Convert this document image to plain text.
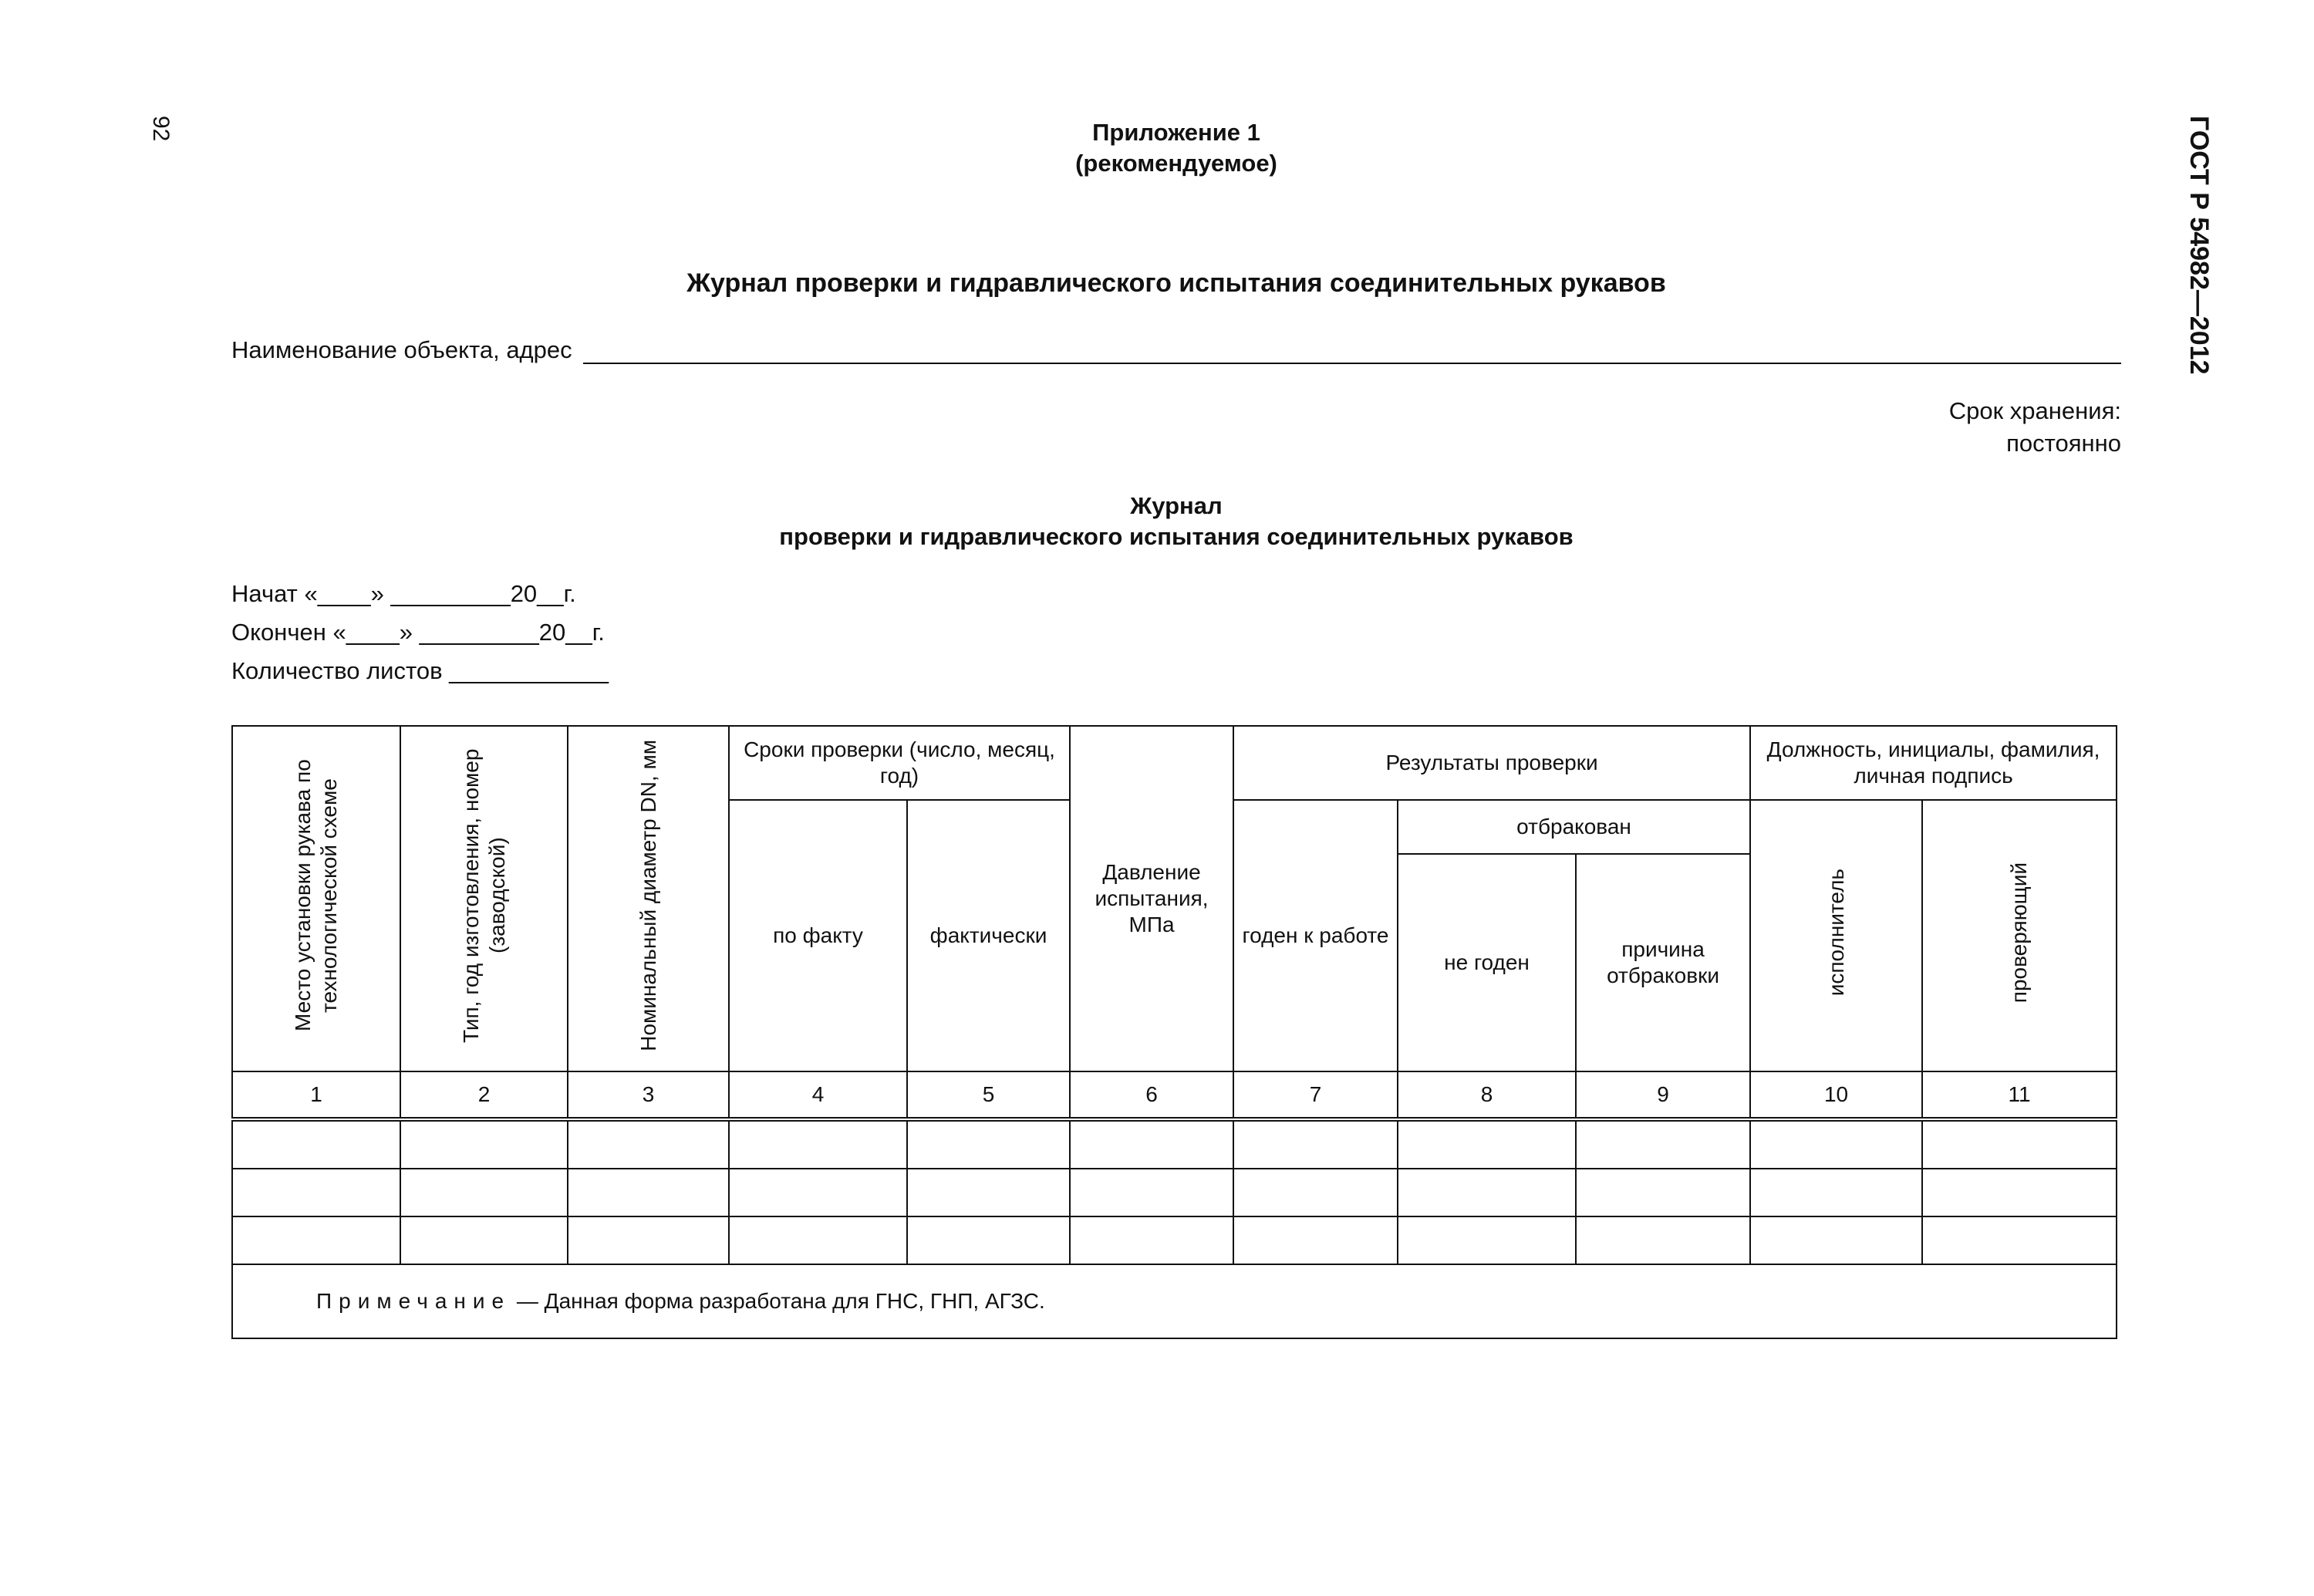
92	ГОСТ Р 54982—2012
Приложение 1
(рекомендуемое)
Журнал проверки и гидравлического испытания соединительных рукавов
Наименование объекта, адрес
Срок хранения:
постоянно
Журнал
проверки и гидравлического испытания соединительных рукавов
Начат «____» _________20__г.
Окончен «____» _________20__г.
Количество листов ____________
Место установки рукава по технологической схеме	Тип, год изготовления, номер (заводской)	Номинальный диаметр DN, мм	Сроки проверки (число, месяц, год)		Давление испытания, МПа	Результаты проверки			Должность, инициалы, фамилия, личная подпись	
			по факту	фактически		годен к работе	отбракован		исполнитель	проверяющий
							не годен	причина отбраковки		
1	2	3	4	5	6	7	8	9	10	11

Примечание — Данная форма разработана для ГНС, ГНП, АГЗС.										
